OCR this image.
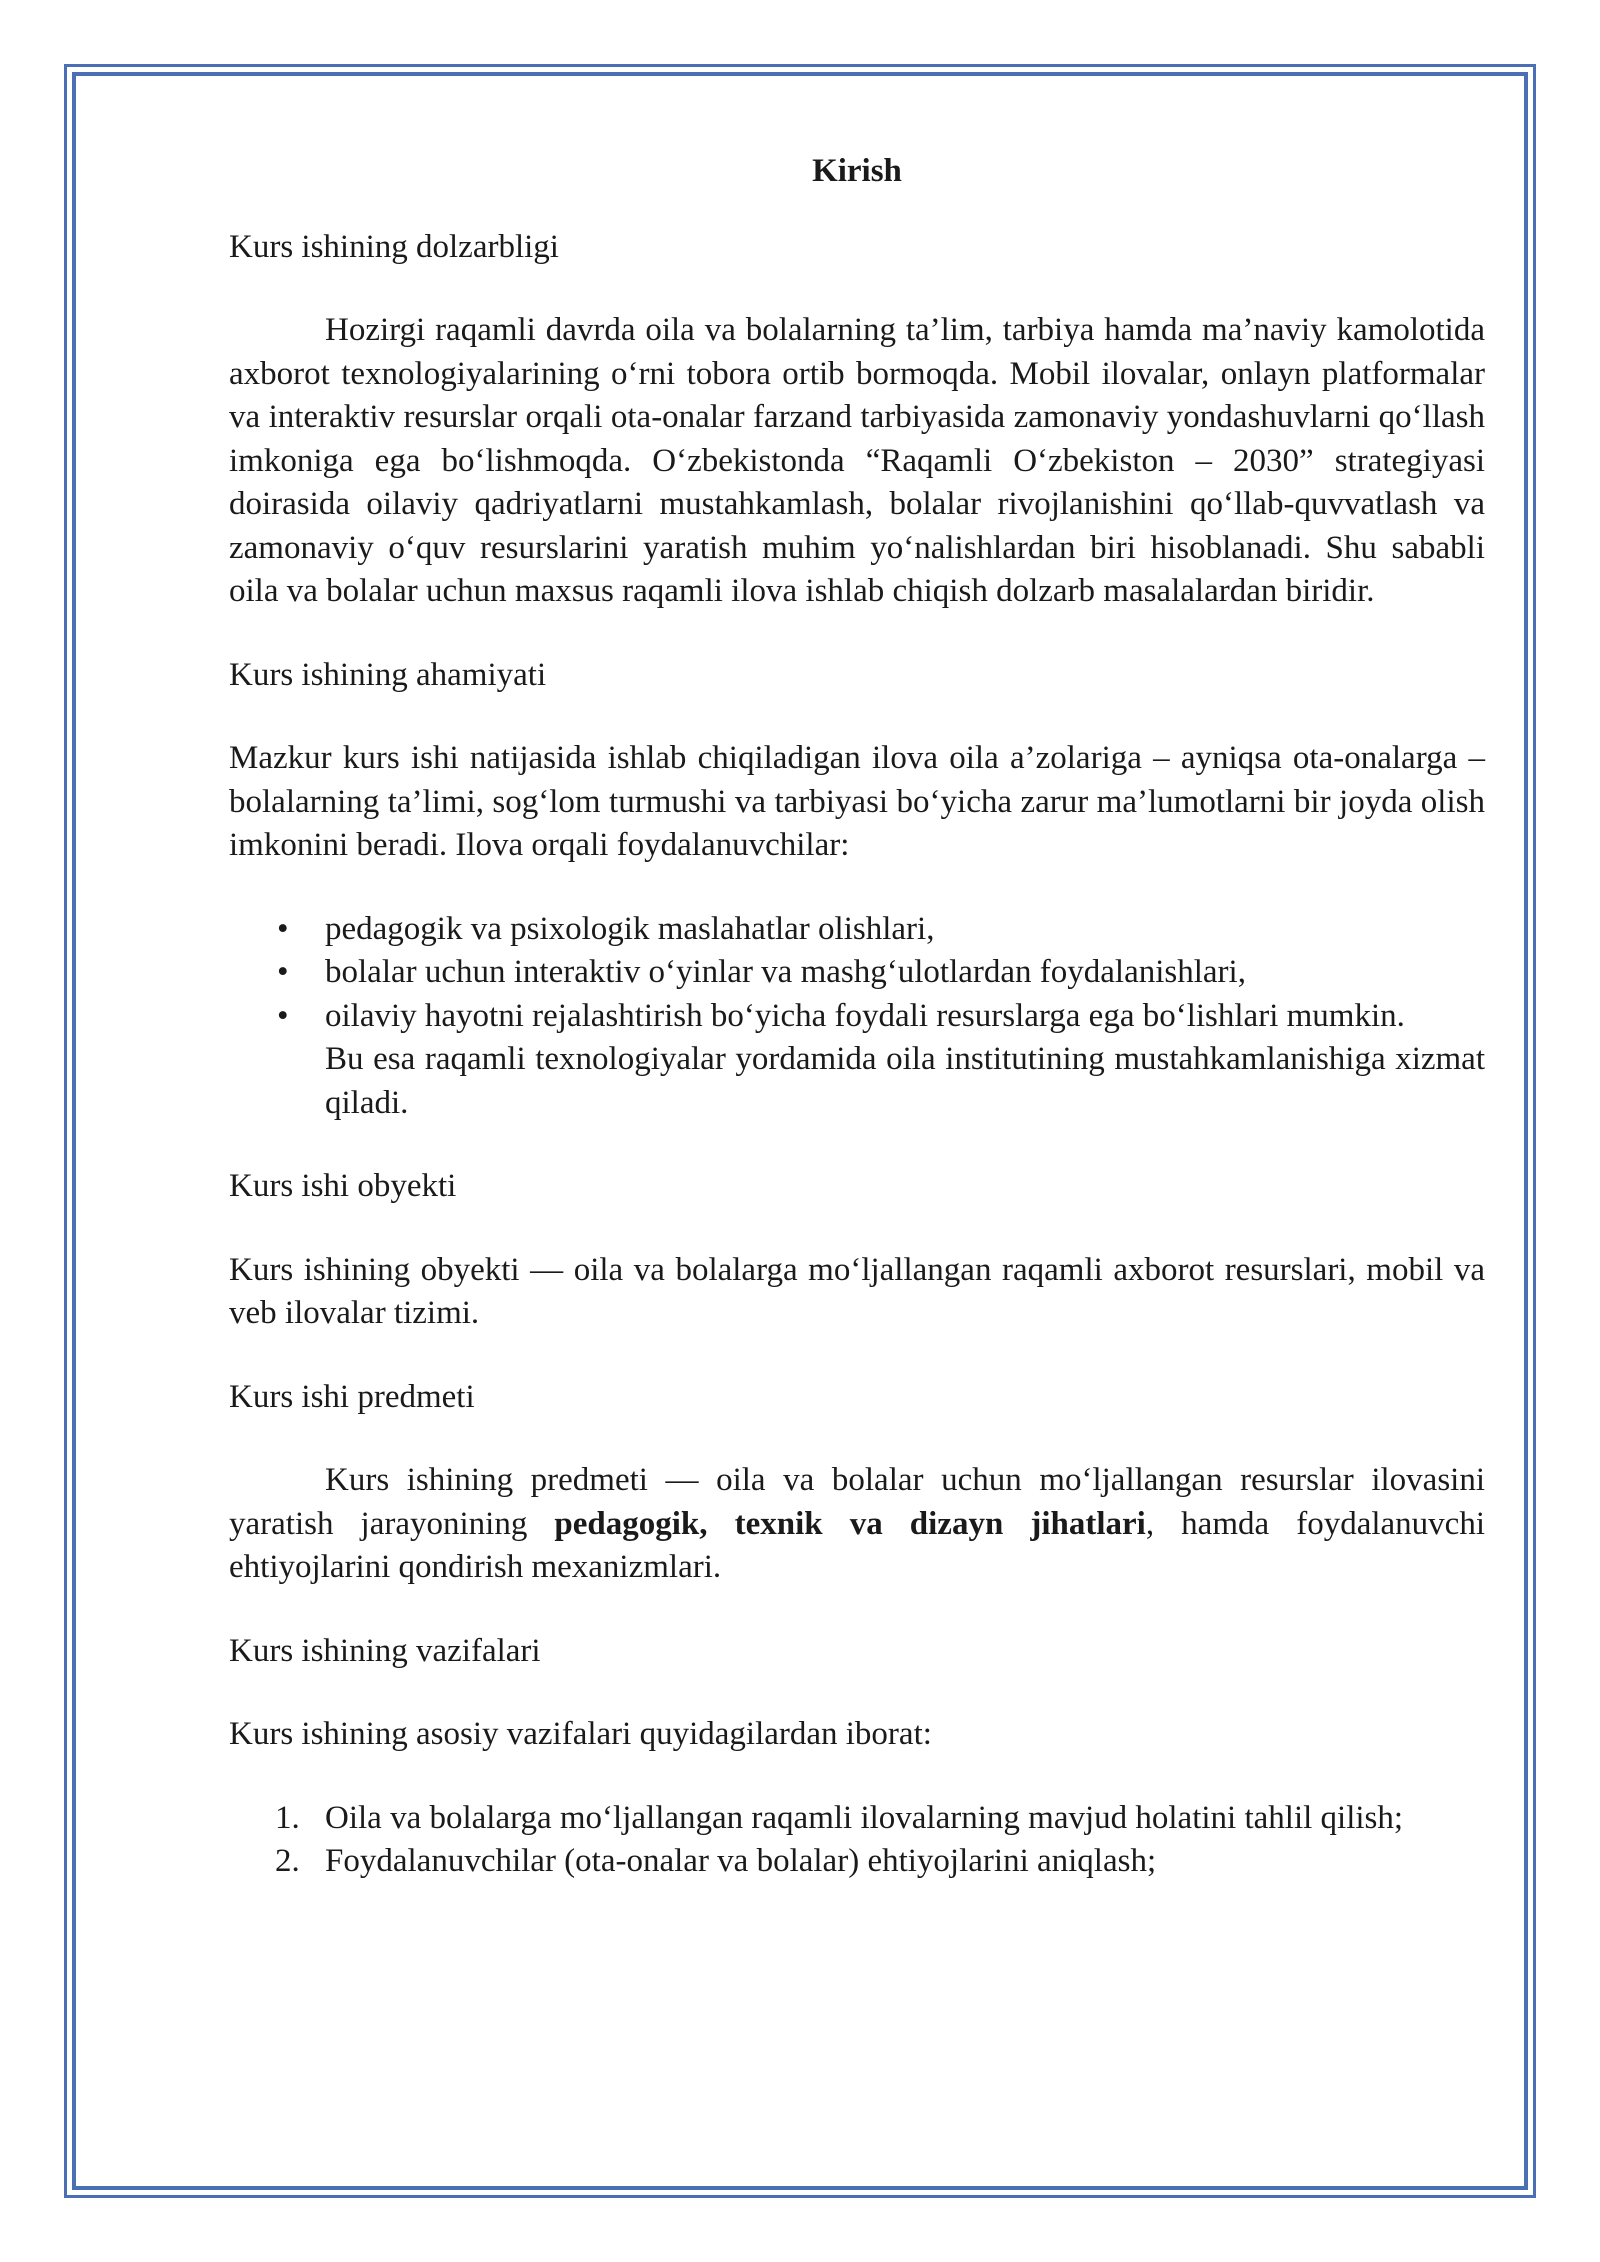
Kirish
Kurs ishining dolzarbligi

Hozirgi raqamli davrda oila va bolalarning ta’lim, tarbiya hamda ma’naviy kamolotida axborot texnologiyalarining o‘rni tobora ortib bormoqda. Mobil ilovalar, onlayn platformalar va interaktiv resurslar orqali ota-onalar farzand tarbiyasida zamonaviy yondashuvlarni qo‘llash imkoniga ega bo‘lishmoqda. O‘zbekistonda “Raqamli O‘zbekiston – 2030” strategiyasi doirasida oilaviy qadriyatlarni mustahkamlash, bolalar rivojlanishini qo‘llab-quvvatlash va zamonaviy o‘quv resurslarini yaratish muhim yo‘nalishlardan biri hisoblanadi. Shu sababli oila va bolalar uchun maxsus raqamli ilova ishlab chiqish dolzarb masalalardan biridir.

Kurs ishining ahamiyati

Mazkur kurs ishi natijasida ishlab chiqiladigan ilova oila a’zolariga – ayniqsa ota-onalarga – bolalarning ta’limi, sog‘lom turmushi va tarbiyasi bo‘yicha zarur ma’lumotlarni bir joyda olish imkonini beradi. Ilova orqali foydalanuvchilar:

• pedagogik va psixologik maslahatlar olishlari,
• bolalar uchun interaktiv o‘yinlar va mashg‘ulotlardan foydalanishlari,
• oilaviy hayotni rejalashtirish bo‘yicha foydali resurslarga ega bo‘lishlari mumkin.

Bu esa raqamli texnologiyalar yordamida oila institutining mustahkamlanishiga xizmat qiladi.

Kurs ishi obyekti

Kurs ishining obyekti — oila va bolalarga mo‘ljallangan raqamli axborot resurslari, mobil va veb ilovalar tizimi.

Kurs ishi predmeti

Kurs ishining predmeti — oila va bolalar uchun mo‘ljallangan resurslar ilovasini yaratish jarayonining pedagogik, texnik va dizayn jihatlari, hamda foydalanuvchi ehtiyojlarini qondirish mexanizmlari.

Kurs ishining vazifalari

Kurs ishining asosiy vazifalari quyidagilardan iborat:

1. Oila va bolalarga mo‘ljallangan raqamli ilovalarning mavjud holatini tahlil qilish;
2. Foydalanuvchilar (ota-onalar va bolalar) ehtiyojlarini aniqlash;
